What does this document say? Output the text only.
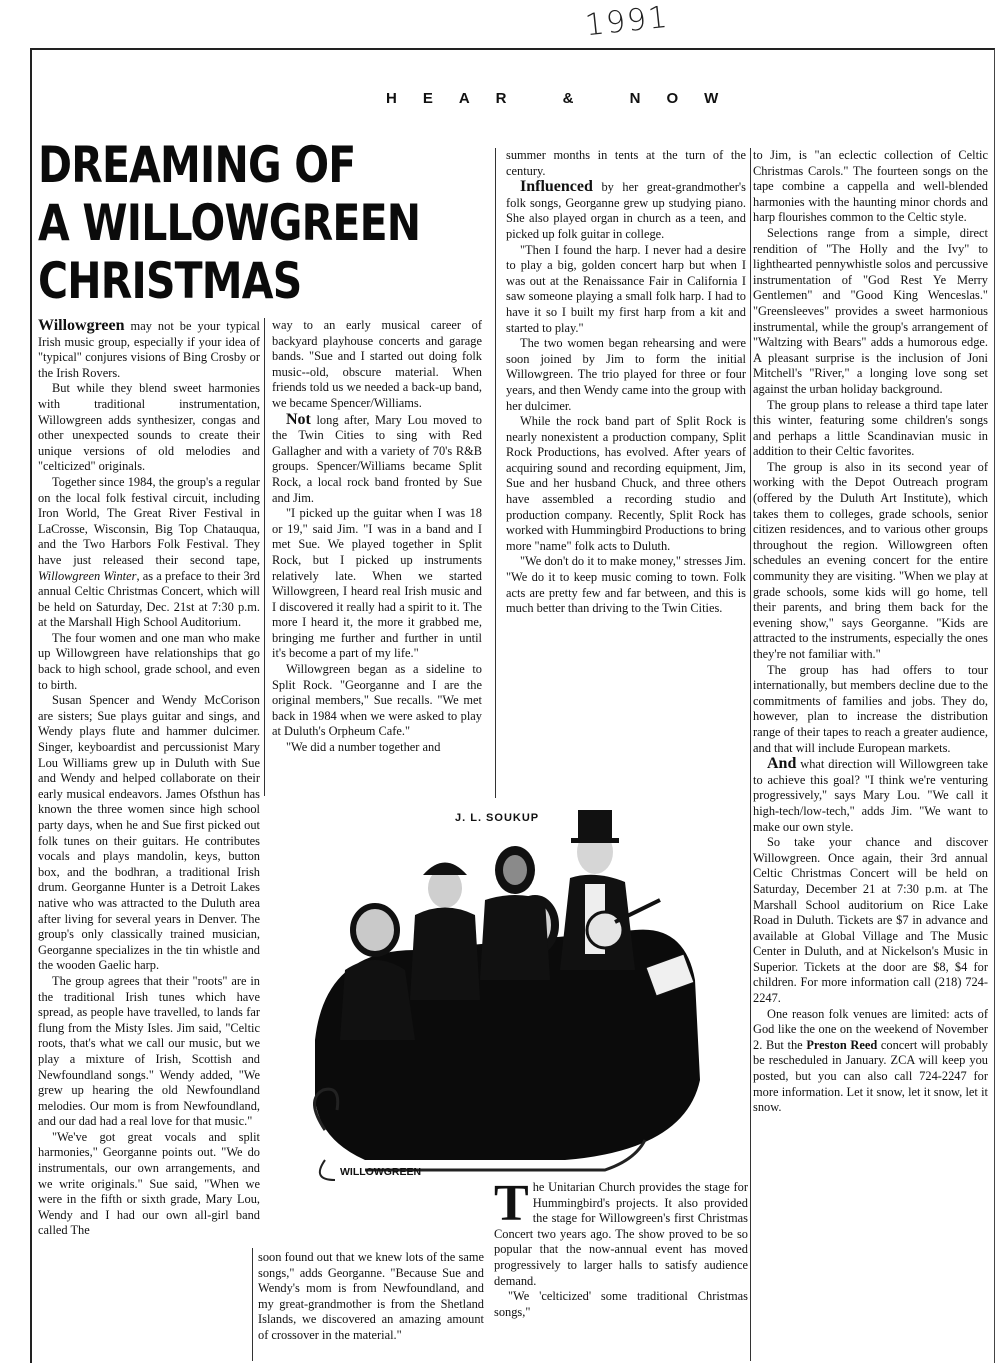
1991
HEAR & NOW
DREAMING OF
A WILLOWGREEN
CHRISTMAS

Willowgreen may not be your typical Irish music group, especially if your idea of "typical" conjures visions of Bing Crosby or the Irish Rovers.

But while they blend sweet harmonies with traditional instrumentation, Willowgreen adds synthesizer, congas and other unexpected sounds to create their unique versions of old melodies and "celticized" originals.

Together since 1984, the group's a regular on the local folk festival circuit, including Iron World, The Great River Festival in LaCrosse, Wisconsin, Big Top Chatauqua, and the Two Harbors Folk Festival. They have just released their second tape, Willowgreen Winter, as a preface to their 3rd annual Celtic Christmas Concert, which will be held on Saturday, Dec. 21st at 7:30 p.m. at the Marshall High School Auditorium.

The four women and one man who make up Willowgreen have relationships that go back to high school, grade school, and even to birth.

Susan Spencer and Wendy McCorison are sisters; Sue plays guitar and sings, and Wendy plays flute and hammer dulcimer. Singer, keyboardist and percussionist Mary Lou Williams grew up in Duluth with Sue and Wendy and helped collaborate on their early musical endeavors. James Ofsthun has known the three women since high school party days, when he and Sue first picked out folk tunes on their guitars. He contributes vocals and plays mandolin, keys, button box, and the bodhran, a traditional Irish drum. Georganne Hunter is a Detroit Lakes native who was attracted to the Duluth area after living for several years in Denver. The group's only classically trained musician, Georganne specializes in the tin whistle and the wooden Gaelic harp.

The group agrees that their "roots" are in the traditional Irish tunes which have spread, as people have travelled, to lands far flung from the Misty Isles. Jim said, "Celtic roots, that's what we call our music, but we play a mixture of Irish, Scottish and Newfoundland songs." Wendy added, "We grew up hearing the old Newfoundland melodies. Our mom is from Newfoundland, and our dad had a real love for that music."

"We've got great vocals and split harmonies," Georganne points out. "We do instrumentals, our own arrangements, and we write originals." Sue said, "When we were in the fifth or sixth grade, Mary Lou, Wendy and I had our own all-girl band called The

way to an early musical career of backyard playhouse concerts and garage bands. "Sue and I started out doing folk music--old, obscure material. When friends told us we needed a back-up band, we became Spencer/Williams.

Not long after, Mary Lou moved to the Twin Cities to sing with Red Gallagher and with a variety of 70's R&B groups. Spencer/Williams became Split Rock, a local rock band fronted by Sue and Jim.

"I picked up the guitar when I was 18 or 19," said Jim. "I was in a band and I met Sue. We played together in Split Rock, but I picked up instruments relatively late. When we started Willowgreen, I heard real Irish music and I discovered it really had a spirit to it. The more I heard it, the more it grabbed me, bringing me further and further in until it's become a part of my life."

Willowgreen began as a sideline to Split Rock. "Georganne and I are the original members," Sue recalls. "We met back in 1984 when we were asked to play at Duluth's Orpheum Cafe."

"We did a number together and

summer months in tents at the turn of the century.

Influenced by her great-grandmother's folk songs, Georganne grew up studying piano. She also played organ in church as a teen, and picked up folk guitar in college.

"Then I found the harp. I never had a desire to play a big, golden concert harp but when I was out at the Renaissance Fair in California I saw someone playing a small folk harp. I had to have it so I built my first harp from a kit and started to play."

The two women began rehearsing and were soon joined by Jim to form the initial Willowgreen. The trio played for three or four years, and then Wendy came into the group with her dulcimer.

While the rock band part of Split Rock is nearly nonexistent a production company, Split Rock Productions, has evolved. After years of acquiring sound and recording equipment, Jim, Sue and her husband Chuck, and three others have assembled a recording studio and production company. Recently, Split Rock has worked with Hummingbird Productions to bring more "name" folk acts to Duluth.

"We don't do it to make money," stresses Jim. "We do it to keep music coming to town. Folk acts are pretty few and far between, and this is much better than driving to the Twin Cities.

to Jim, is "an eclectic collection of Celtic Christmas Carols." The fourteen songs on the tape combine a cappella and well-blended harmonies with the haunting minor chords and harp flourishes common to the Celtic style.

Selections range from a simple, direct rendition of "The Holly and the Ivy" to lighthearted pennywhistle solos and percussive instrumentation of "God Rest Ye Merry Gentlemen" and "Good King Wenceslas." "Greensleeves" provides a sweet harmonious instrumental, while the group's arrangement of "Waltzing with Bears" adds a humorous edge. A pleasant surprise is the inclusion of Joni Mitchell's "River," a longing love song set against the urban holiday background.

The group plans to release a third tape later this winter, featuring some children's songs and perhaps a little Scandinavian music in addition to their Celtic favorites.

The group is also in its second year of working with the Depot Outreach program (offered by the Duluth Art Institute), which takes them to colleges, grade schools, senior citizen residences, and to various other groups throughout the region. Willowgreen often schedules an evening concert for the entire community they are visiting. "When we play at grade schools, some kids will go home, tell their parents, and bring them back for the evening show," says Georganne. "Kids are attracted to the instruments, especially the ones they're not familiar with."

The group has had offers to tour internationally, but members decline due to the commitments of families and jobs. They do, however, plan to increase the distribution range of their tapes to reach a greater audience, and that will include European markets.

And what direction will Willowgreen take to achieve this goal? "I think we're venturing progressively," says Mary Lou. "We call it high-tech/low-tech," adds Jim. "We want to make our own style.

So take your chance and discover Willowgreen. Once again, their 3rd annual Celtic Christmas Concert will be held on Saturday, December 21 at 7:30 p.m. at The Marshall School auditorium on Rice Lake Road in Duluth. Tickets are $7 in advance and available at Global Village and The Music Center in Duluth, and at Nickelson's Music in Superior. Tickets at the door are $8, $4 for children. For more information call (218) 724-2247.

One reason folk venues are limited: acts of God like the one on the weekend of November 2. But the Preston Reed concert will probably be rescheduled in January. ZCA will keep you posted, but you can also call 724-2247 for more information. Let it snow, let it snow, let it snow.

J. L. SOUKUP
WILLOWGREEN

soon found out that we knew lots of the same songs," adds Georganne. "Because Sue and Wendy's mom is from Newfoundland, and my great-grandmother is from the Shetland Islands, we discovered an amazing amount of crossover in the material."

The Unitarian Church provides the stage for Hummingbird's projects. It also provided the stage for Willowgreen's first Christmas Concert two years ago. The show proved to be so popular that the now-annual event has moved progressively to larger halls to satisfy audience demand.

"We 'celticized' some traditional Christmas songs,"
